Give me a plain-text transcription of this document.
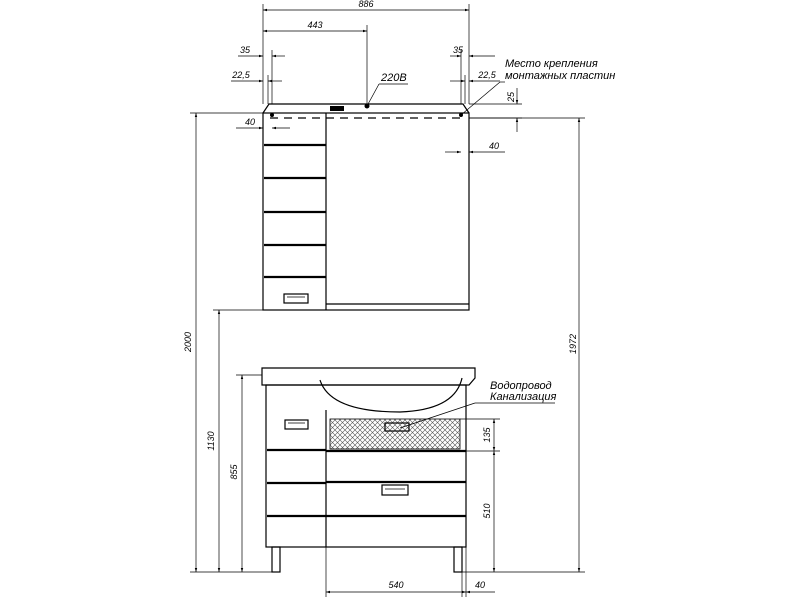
886
443
35
22,5
35
22,5
25
40
40
2000	1972
1130
855
135
510
540	40
220В
Место крепления
монтажных пластин
Водопровод
Канализация
